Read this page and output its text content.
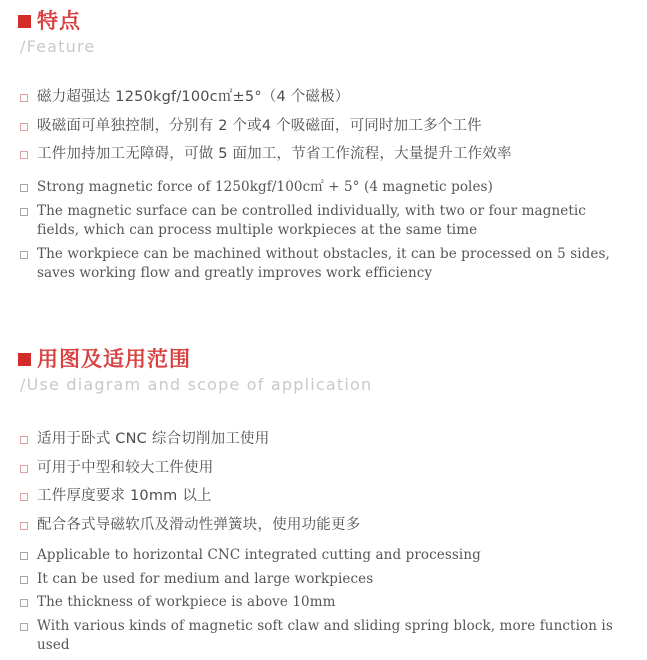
特点
/Feature
磁力超强达 1250kgf/100c㎡±5°（4 个磁极）
吸磁面可单独控制，分别有 2 个或4 个吸磁面，可同时加工多个工件
工件加持加工无障碍，可做 5 面加工，节省工作流程，大量提升工作效率
Strong magnetic force of 1250kgf/100c㎡ + 5° (4 magnetic poles)
The magnetic surface can be controlled individually, with two or four magnetic fields, which can process multiple workpieces at the same time
The workpiece can be machined without obstacles, it can be processed on 5 sides, saves working flow and greatly improves work efficiency
用图及适用范围
/Use diagram and scope of application
适用于卧式 CNC 综合切削加工使用
可用于中型和较大工件使用
工件厚度要求 10mm 以上
配合各式导磁软爪及滑动性弹簧块，使用功能更多
Applicable to horizontal CNC integrated cutting and processing
It can be used for medium and large workpieces
The thickness of workpiece is above 10mm
With various kinds of magnetic soft claw and sliding spring block, more function is used
